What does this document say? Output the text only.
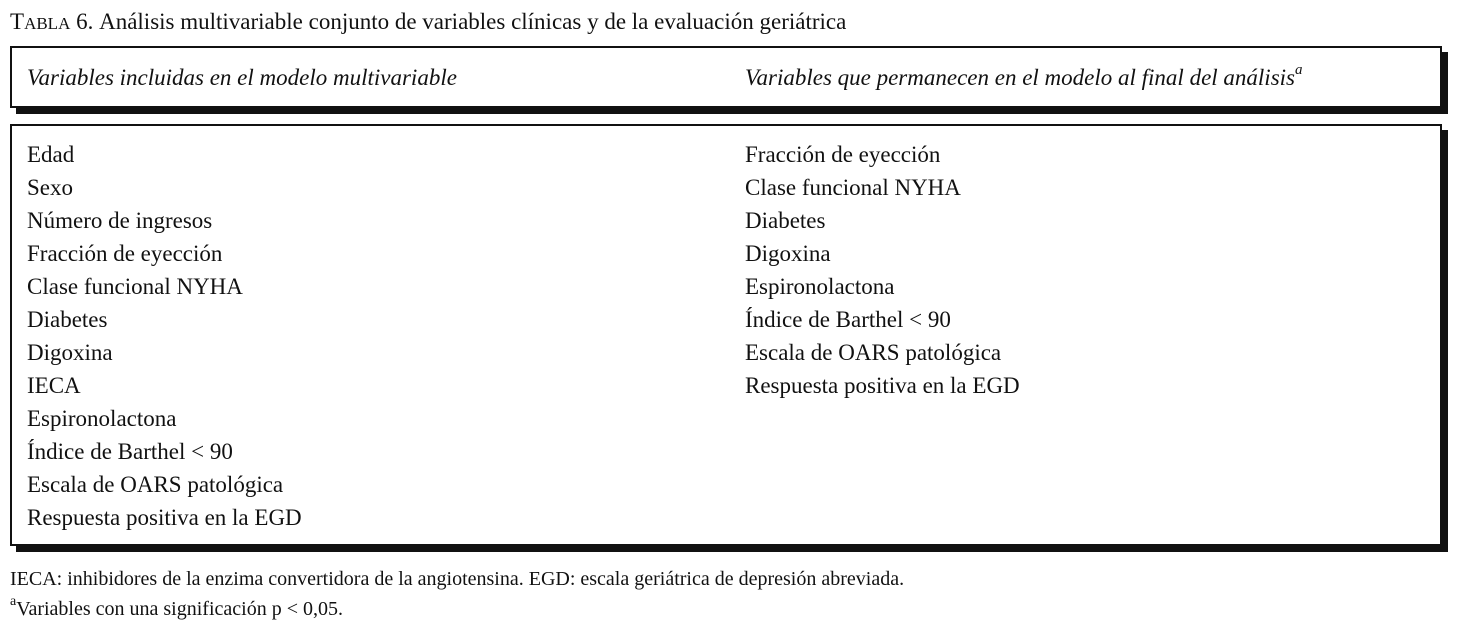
TABLA 6. Análisis multivariable conjunto de variables clínicas y de la evaluación geriátrica
Variables incluidas en el modelo multivariable	Variables que permanecen en el modelo al final del análisis$^a$
Edad
Sexo
Número de ingresos
Fracción de eyección
Clase funcional NYHA
Diabetes
Digoxina
IECA
Espironolactona
Índice de Barthel < 90
Escala de OARS patológica
Respuesta positiva en la EGD
Fracción de eyección
Clase funcional NYHA
Diabetes
Digoxina
Espironolactona
Índice de Barthel < 90
Escala de OARS patológica
Respuesta positiva en la EGD
IECA: inhibidores de la enzima convertidora de la angiotensina. EGD: escala geriátrica de depresión abreviada.
$^a$Variables con una significación p < 0,05.
